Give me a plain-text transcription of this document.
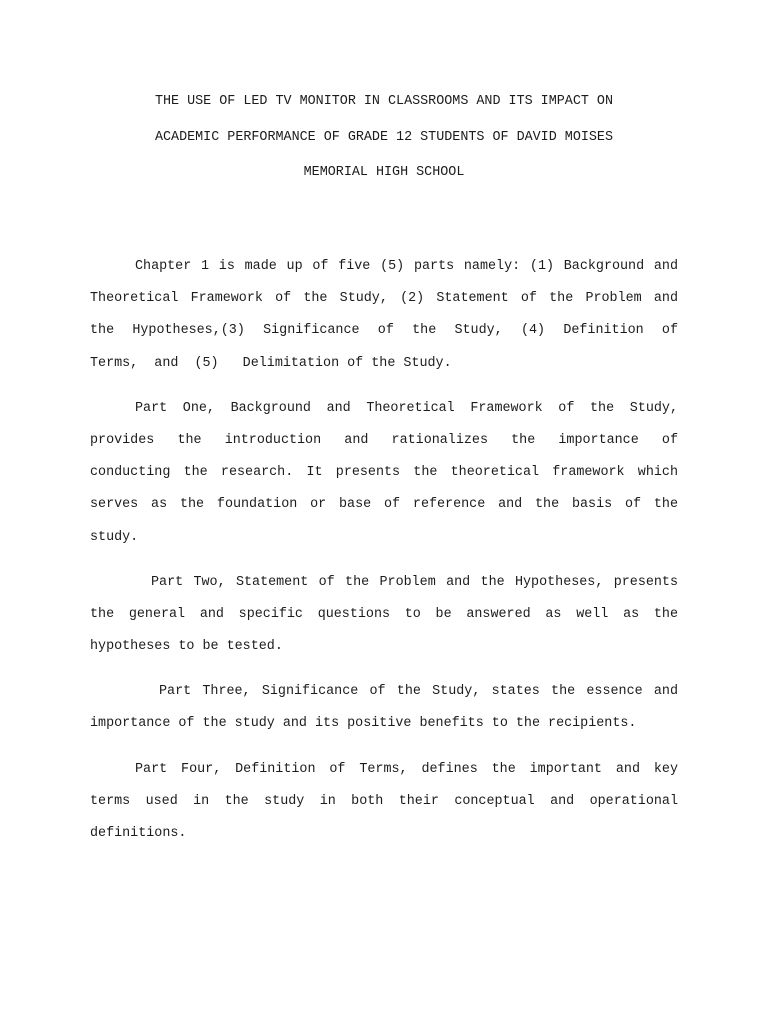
THE USE OF LED TV MONITOR IN CLASSROOMS AND ITS IMPACT ON
ACADEMIC PERFORMANCE OF GRADE 12 STUDENTS OF DAVID MOISES
MEMORIAL HIGH SCHOOL

Chapter 1 is made up of five (5) parts namely: (1) Background and
Theoretical Framework of the Study, (2) Statement of the Problem and
the Hypotheses,(3) Significance of the Study, (4) Definition of
Terms,  and  (5)   Delimitation of the Study.

Part One, Background and Theoretical Framework of the Study,
provides the introduction and rationalizes the importance of
conducting the research. It presents the theoretical framework which
serves as the foundation or base of reference and the basis of the
study.

Part Two, Statement of the Problem and the Hypotheses, presents
the general and specific questions to be answered as well as the
hypotheses to be tested.

Part Three, Significance of the Study, states the essence and
importance of the study and its positive benefits to the recipients.

Part Four, Definition of Terms, defines the important and key
terms used in the study in both their conceptual and operational
definitions.
